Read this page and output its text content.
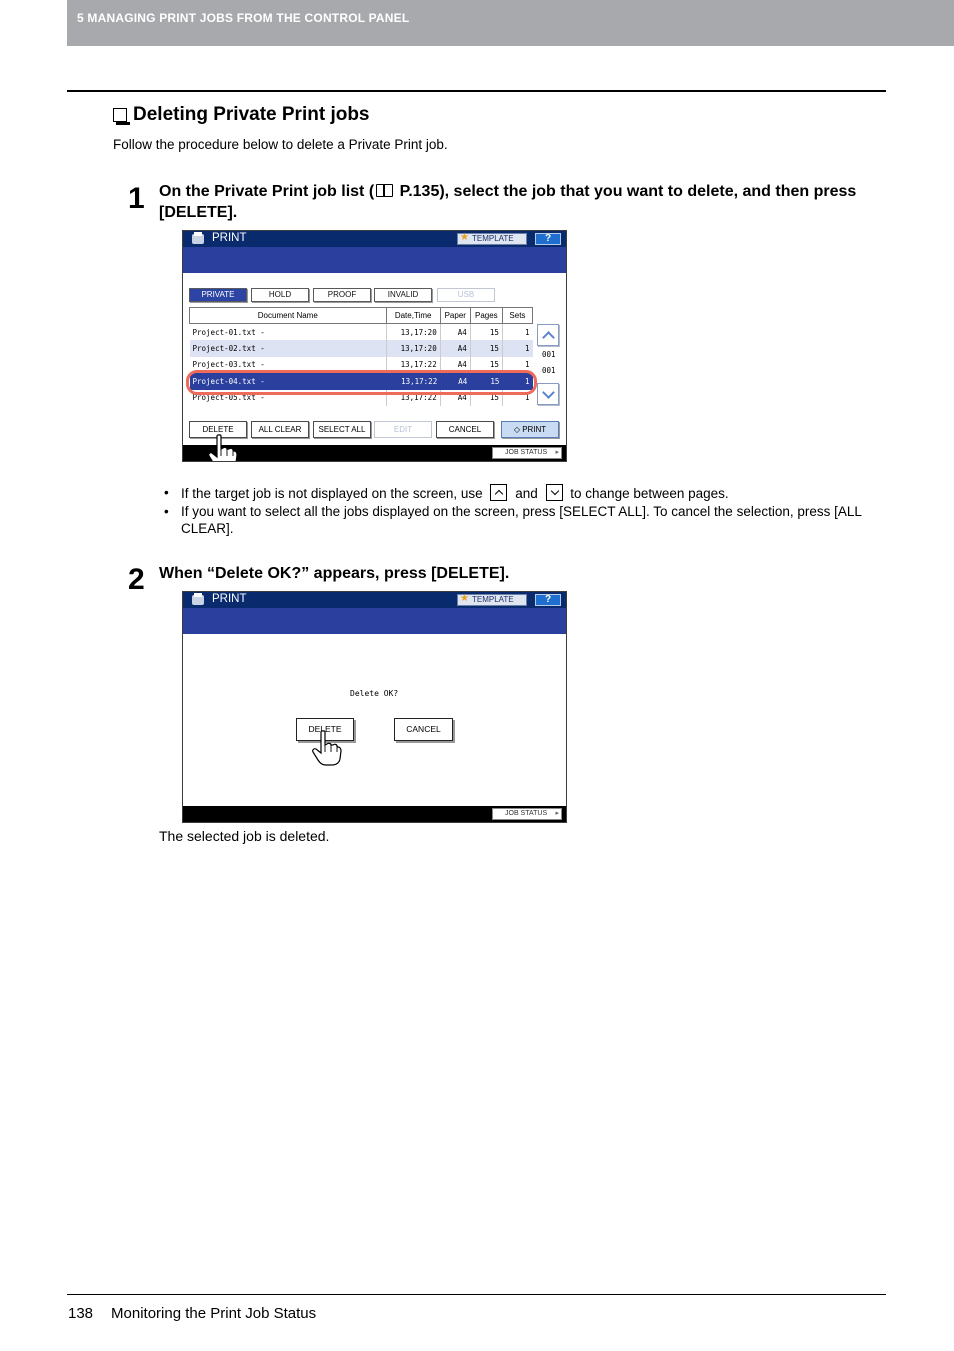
5 MANAGING PRINT JOBS FROM THE CONTROL PANEL
Deleting Private Print jobs
Follow the procedure below to delete a Private Print job.
1 On the Private Print job list ( P.135), select the job that you want to delete, and then press [DELETE].
PRINT	★ TEMPLATE	?
PRIVATE	HOLD	PROOF	INVALID	USB
Document Name	Date,Time	Paper	Pages	Sets
Project-01.txt -	13,17:20	A4	15	1
Project-02.txt -	13,17:20	A4	15	1
Project-03.txt -	13,17:22	A4	15	1
Project-04.txt -	13,17:22	A4	15	1
Project-05.txt -	13,17:22	A4	15	1
001
001
DELETE	ALL CLEAR	SELECT ALL	EDIT	CANCEL	◇ PRINT
JOB STATUS ▸
• If the target job is not displayed on the screen, use and to change between pages.
• If you want to select all the jobs displayed on the screen, press [SELECT ALL]. To cancel the selection, press [ALL CLEAR].
2 When “Delete OK?” appears, press [DELETE].
PRINT	★ TEMPLATE	?
Delete OK?
DELETE	CANCEL
JOB STATUS ▸
The selected job is deleted.
138 Monitoring the Print Job Status
